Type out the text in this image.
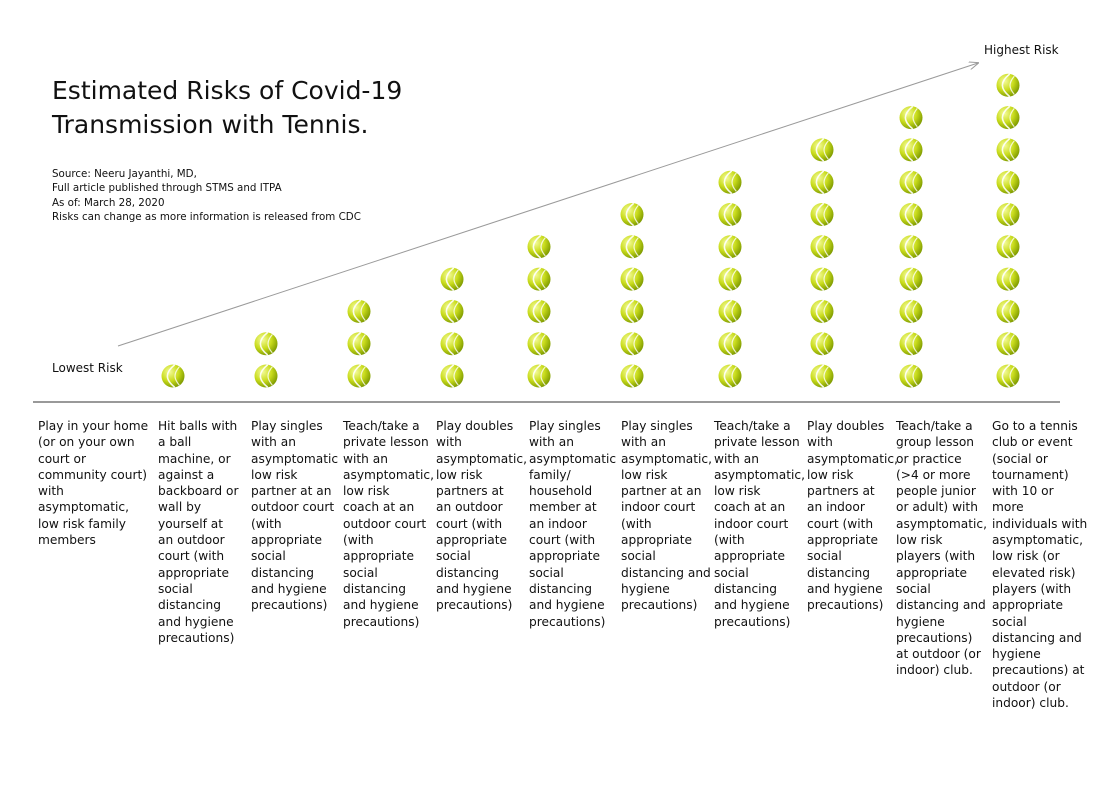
Estimated Risks of Covid-19
Transmission with Tennis.
Source: Neeru Jayanthi, MD,
Full article published through STMS and ITPA
As of: March 28, 2020
Risks can change as more information is released from CDC
Lowest Risk
Highest Risk

Play in your home (or on your own court or community court) with asymptomatic, low risk family members

Hit balls with a ball machine, or against a backboard or wall by yourself at an outdoor court (with appropriate social distancing and hygiene precautions)

Play singles with an asymptomatic low risk partner at an outdoor court (with appropriate social distancing and hygiene precautions)

Teach/take a private lesson with an asymptomatic, low risk coach at an outdoor court (with appropriate social distancing and hygiene precautions)

Play doubles with asymptomatic, low risk partners at an outdoor court (with appropriate social distancing and hygiene precautions)

Play singles with an asymptomatic family/ household member at an indoor court (with appropriate social distancing and hygiene precautions)

Play singles with an asymptomatic, low risk partner at an indoor court (with appropriate social distancing and hygiene precautions)

Teach/take a private lesson with an asymptomatic, low risk coach at an indoor court (with appropriate social distancing and hygiene precautions)

Play doubles with asymptomatic, low risk partners at an indoor court (with appropriate social distancing and hygiene precautions)

Teach/take a group lesson or practice (>4 or more people junior or adult) with asymptomatic, low risk players (with appropriate social distancing and hygiene precautions) at outdoor (or indoor) club.

Go to a tennis club or event (social or tournament) with 10 or more individuals with asymptomatic, low risk (or elevated risk) players (with appropriate social distancing and hygiene precautions) at outdoor (or indoor) club.
